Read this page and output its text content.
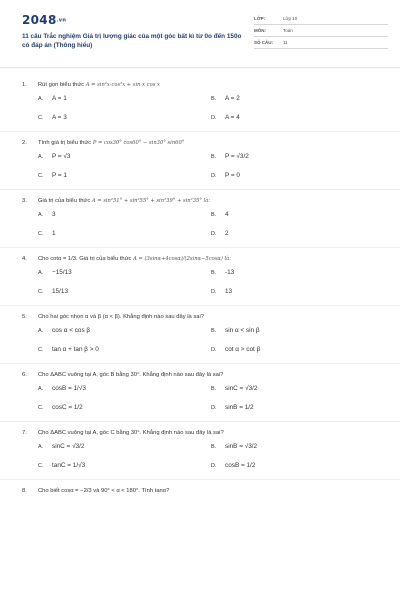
2048.vn
11 câu Trắc nghiệm Giá trị lượng giác của một góc bất kì từ 0o đến 150o có đáp án (Thông hiểu)
LỚP:	Lớp 10
MÔN:	Toán
SỐ CÂU:	11
1. Rút gọn biểu thức A = sin²x·cos²x + sin x cos x
A. A = 1	B. A = 2
C. A = 3	D. A = 4
2. Tính giá trị biểu thức P = cos30° cos60° − sin30° sin60°
A. P = √3	B. P = √3/2
C. P = 1	D. P = 0
3. Giá trị của biểu thức A = sin²51° + sin²55° + sin²39° + sin²35° là:
A. 3	B. 4
C. 1	D. 2
4. Cho cotα = 1/3. Giá trị của biểu thức A = (3sinα+4cosα)/(2sinα−5cosα) là:
A. −15/13	B. -13
C. 15/13	D. 13
5. Cho hai góc nhọn α và β (α < β). Khẳng định nào sau đây là sai?
A. cos α < cos β	B. sin α < sin β
C. tan α + tan β > 0	D. cot α > cot β
6. Cho ΔABC vuông tại A, góc B bằng 30°. Khẳng định nào sau đây là sai?
A. cosB = 1/√3	B. sinC = √3/2
C. cosC = 1/2	D. sinB = 1/2
7. Cho ΔABC vuông tại A, góc C bằng 30°. Khẳng định nào sau đây là sai?
A. sinC = √3/2	B. sinB = √3/2
C. tanC = 1/√3	D. cosB = 1/2
8. Cho biết cosα = −2/3 và 90° < α < 180°. Tính tanα?
